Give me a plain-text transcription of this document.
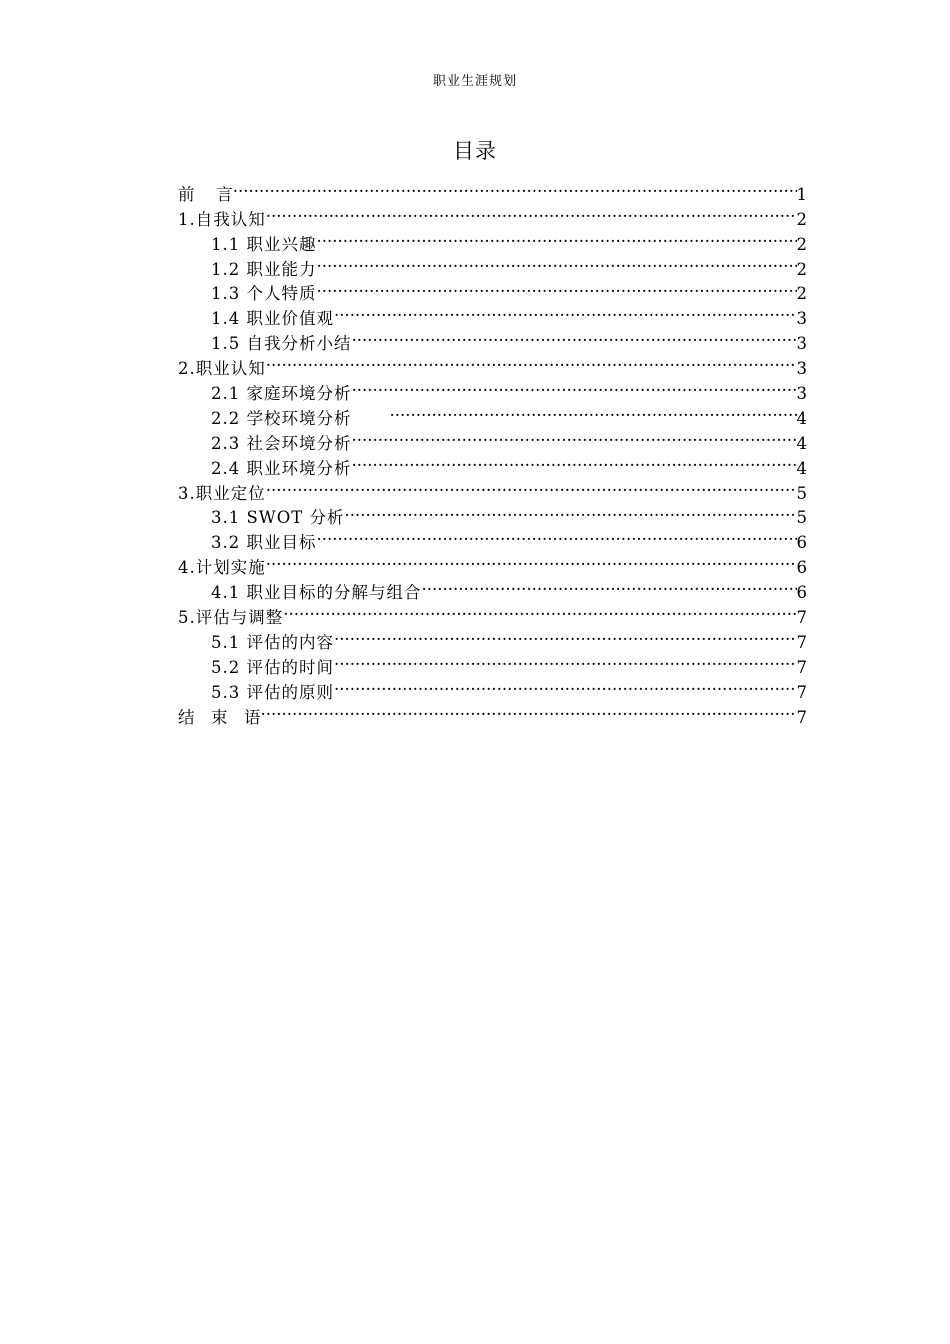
职业生涯规划
目录
前　 言 .....	1
1.自我认知 .....	2
1.1 职业兴趣 .....	2
1.2 职业能力 .....	2
1.3 个人特质 .....	2
1.4 职业价值观 .....	3
1.5 自我分析小结 .....	3
2.职业认知 .....	3
2.1 家庭环境分析 .....	3
2.2 学校环境分析 .....	4
2.3 社会环境分析 .....	4
2.4 职业环境分析 .....	4
3.职业定位 .....	5
3.1 SWOT 分析 .....	5
3.2 职业目标 .....	6
4.计划实施 .....	6
4.1 职业目标的分解与组合 .....	6
5.评估与调整 .....	7
5.1 评估的内容 .....	7
5.2 评估的时间 .....	7
5.3 评估的原则 .....	7
结　束　语 .....	7
